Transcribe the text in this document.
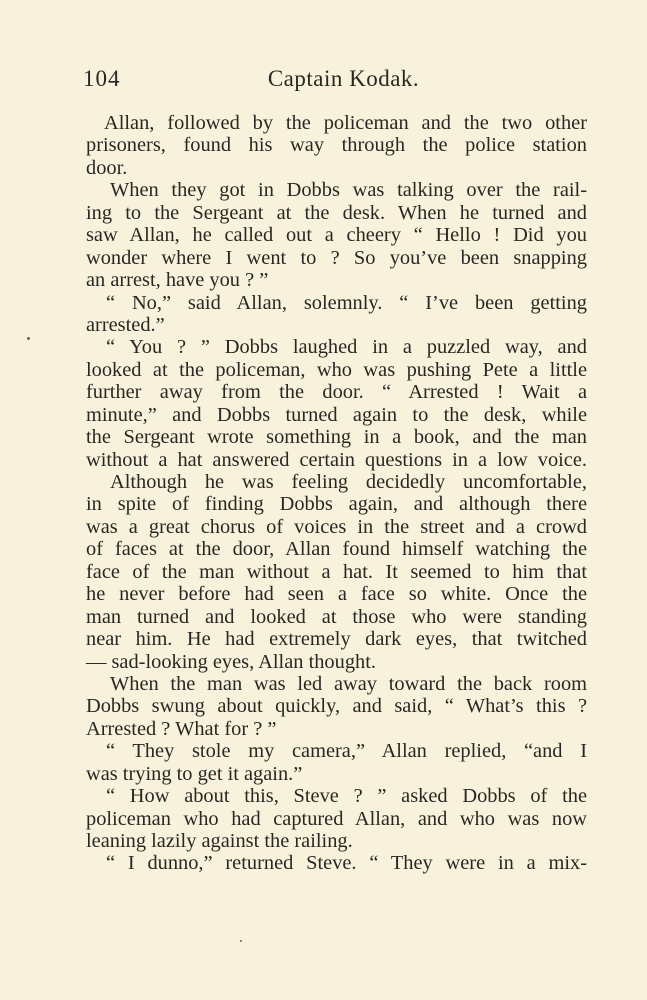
104	Captain Kodak.
Allan, followed by the policeman and the two other
prisoners, found his way through the police station
door.
When they got in Dobbs was talking over the rail-
ing to the Sergeant at the desk. When he turned and
saw Allan, he called out a cheery “ Hello ! Did you
wonder where I went to ? So you’ve been snapping
an arrest, have you ? ”
“ No,” said Allan, solemnly. “ I’ve been getting
arrested.”
“ You ? ” Dobbs laughed in a puzzled way, and
looked at the policeman, who was pushing Pete a little
further away from the door. “ Arrested ! Wait a
minute,” and Dobbs turned again to the desk, while
the Sergeant wrote something in a book, and the man
without a hat answered certain questions in a low voice.
Although he was feeling decidedly uncomfortable,
in spite of finding Dobbs again, and although there
was a great chorus of voices in the street and a crowd
of faces at the door, Allan found himself watching the
face of the man without a hat. It seemed to him that
he never before had seen a face so white. Once the
man turned and looked at those who were standing
near him. He had extremely dark eyes, that twitched
— sad-looking eyes, Allan thought.
When the man was led away toward the back room
Dobbs swung about quickly, and said, “ What’s this ?
Arrested ? What for ? ”
“ They stole my camera,” Allan replied, “and I
was trying to get it again.”
“ How about this, Steve ? ” asked Dobbs of the
policeman who had captured Allan, and who was now
leaning lazily against the railing.
“ I dunno,” returned Steve. “ They were in a mix-
